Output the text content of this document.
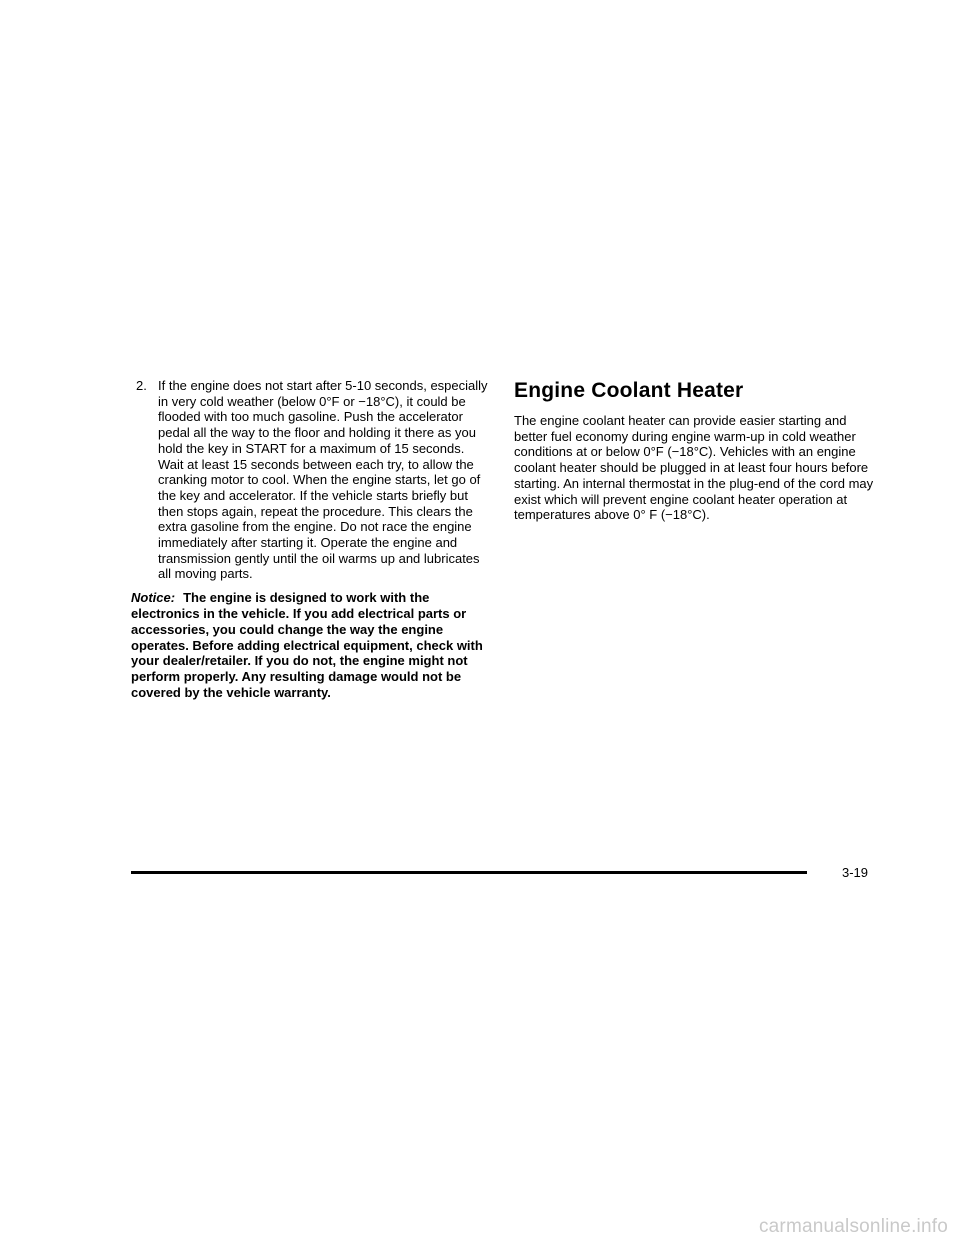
2. If the engine does not start after 5-10 seconds, especially in very cold weather (below 0°F or −18°C), it could be flooded with too much gasoline. Push the accelerator pedal all the way to the floor and holding it there as you hold the key in START for a maximum of 15 seconds. Wait at least 15 seconds between each try, to allow the cranking motor to cool. When the engine starts, let go of the key and accelerator. If the vehicle starts briefly but then stops again, repeat the procedure. This clears the extra gasoline from the engine. Do not race the engine immediately after starting it. Operate the engine and transmission gently until the oil warms up and lubricates all moving parts.

Notice: The engine is designed to work with the electronics in the vehicle. If you add electrical parts or accessories, you could change the way the engine operates. Before adding electrical equipment, check with your dealer/retailer. If you do not, the engine might not perform properly. Any resulting damage would not be covered by the vehicle warranty.
Engine Coolant Heater

The engine coolant heater can provide easier starting and better fuel economy during engine warm-up in cold weather conditions at or below 0°F (−18°C). Vehicles with an engine coolant heater should be plugged in at least four hours before starting. An internal thermostat in the plug-end of the cord may exist which will prevent engine coolant heater operation at temperatures above 0° F (−18°C).

3-19
carmanualsonline.info
